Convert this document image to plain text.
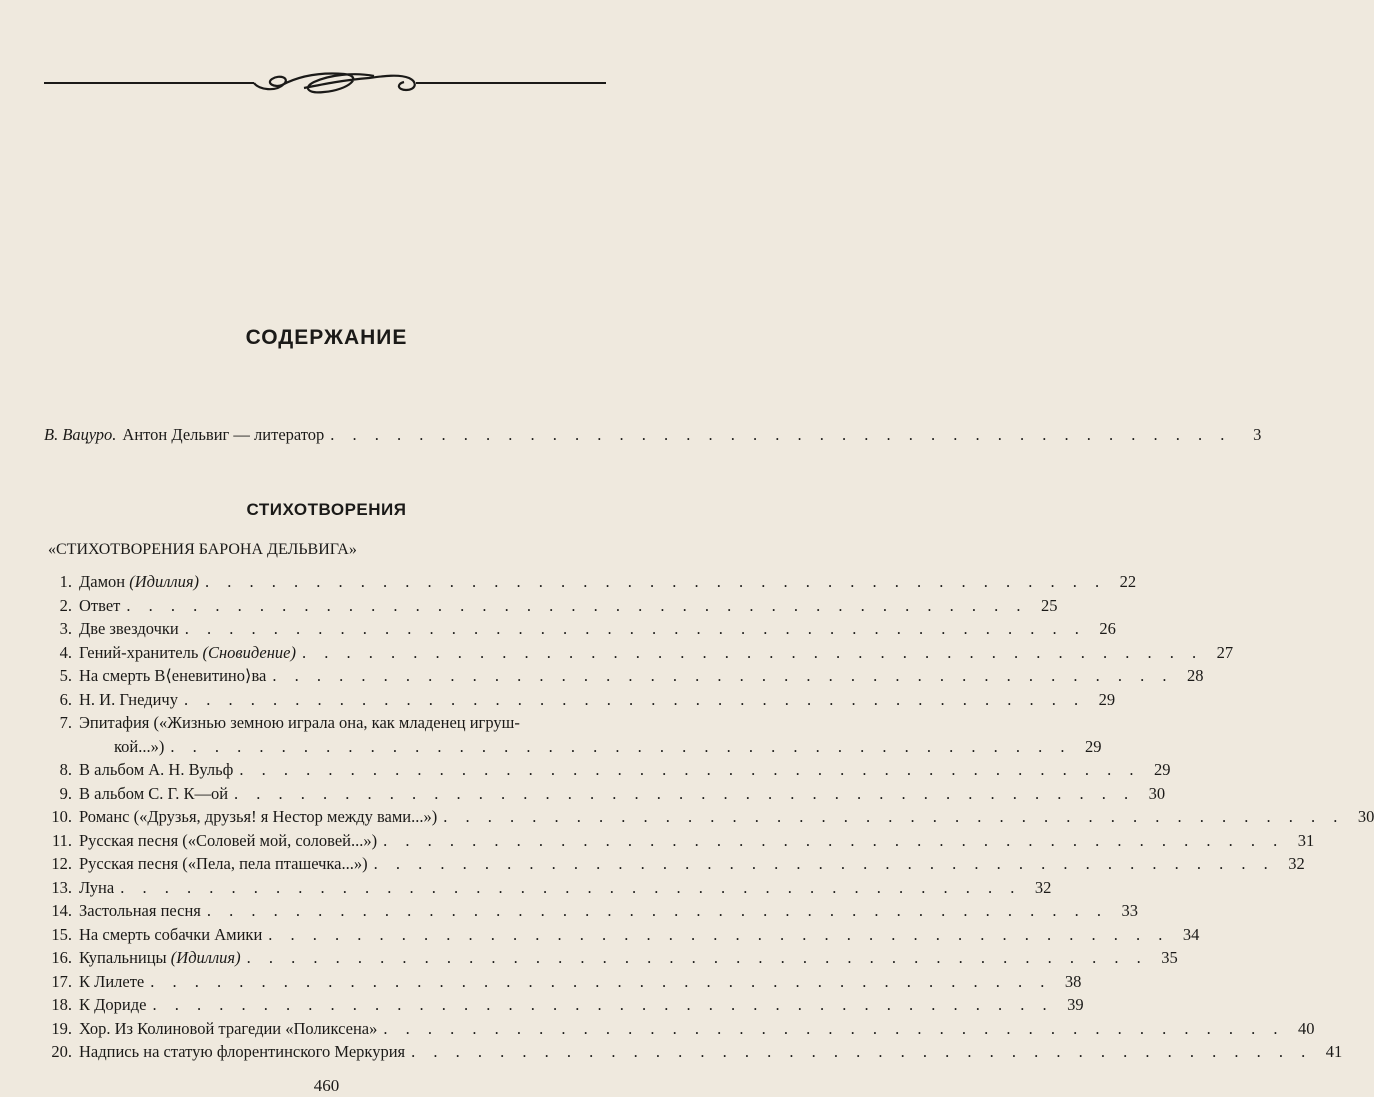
СОДЕРЖАНИЕ
В. Вацуро. Антон Дельвиг — литератор . . . . . . . . . . . . . . . . . . . . . . . . . . . . . . . . . . . . . . . . .	3
СТИХОТВОРЕНИЯ
«СТИХОТВОРЕНИЯ БАРОНА ДЕЛЬВИГА»
1. Дамон (Идиллия) . . . . . . . . . . . . . . . . . . . . . . . . . . . . . . . . . . . . . . . . . 22
2. Ответ . . . . . . . . . . . . . . . . . . . . . . . . . . . . . . . . . . . . . . . . . 25
3. Две звездочки . . . . . . . . . . . . . . . . . . . . . . . . . . . . . . . . . . . . . . . . . 26
4. Гений-хранитель (Сновидение) . . . . . . . . . . . . . . . . . . . . . . . . . . . . . . . . . . . . . . . . . 27
5. На смерть В⟨еневитино⟩ва . . . . . . . . . . . . . . . . . . . . . . . . . . . . . . . . . . . . . . . . . 28
6. Н. И. Гнедичу . . . . . . . . . . . . . . . . . . . . . . . . . . . . . . . . . . . . . . . . . 29
7. Эпитафия («Жизнью земною играла она, как младенец игруш-
кой...») . . . . . . . . . . . . . . . . . . . . . . . . . . . . . . . . . . . . . . . . . 29
8. В альбом А. Н. Вульф . . . . . . . . . . . . . . . . . . . . . . . . . . . . . . . . . . . . . . . . . 29
9. В альбом С. Г. К—ой . . . . . . . . . . . . . . . . . . . . . . . . . . . . . . . . . . . . . . . . . 30
10. Романс («Друзья, друзья! я Нестор между вами...») . . . . . . . . . . . . . . . . . . . . . . . . . . . . . . . . . . . . . . . . . 30
11. Русская песня («Соловей мой, соловей...») . . . . . . . . . . . . . . . . . . . . . . . . . . . . . . . . . . . . . . . . . 31
12. Русская песня («Пела, пела пташечка...») . . . . . . . . . . . . . . . . . . . . . . . . . . . . . . . . . . . . . . . . . 32
13. Луна . . . . . . . . . . . . . . . . . . . . . . . . . . . . . . . . . . . . . . . . . 32
14. Застольная песня . . . . . . . . . . . . . . . . . . . . . . . . . . . . . . . . . . . . . . . . . 33
15. На смерть собачки Амики . . . . . . . . . . . . . . . . . . . . . . . . . . . . . . . . . . . . . . . . . 34
16. Купальницы (Идиллия) . . . . . . . . . . . . . . . . . . . . . . . . . . . . . . . . . . . . . . . . . 35
17. К Лилете . . . . . . . . . . . . . . . . . . . . . . . . . . . . . . . . . . . . . . . . . 38
18. К Дориде . . . . . . . . . . . . . . . . . . . . . . . . . . . . . . . . . . . . . . . . . 39
19. Хор. Из Колиновой трагедии «Поликсена» . . . . . . . . . . . . . . . . . . . . . . . . . . . . . . . . . . . . . . . . . 40
20. Надпись на статую флорентинского Меркурия . . . . . . . . . . . . . . . . . . . . . . . . . . . . . . . . . . . . . . . . . 41
460
